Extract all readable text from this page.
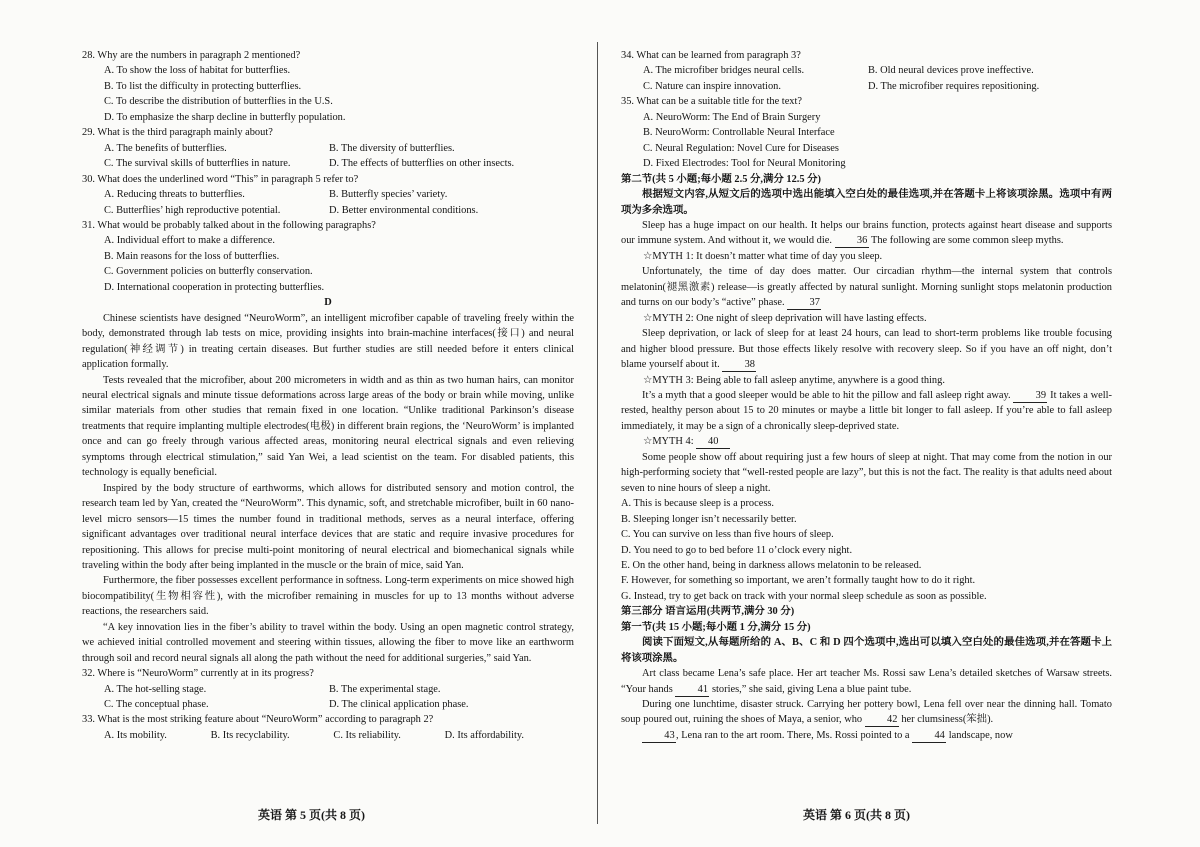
28. Why are the numbers in paragraph 2 mentioned?

A. To show the loss of habitat for butterflies.

B. To list the difficulty in protecting butterflies.

C. To describe the distribution of butterflies in the U.S.

D. To emphasize the sharp decline in butterfly population.

29. What is the third paragraph mainly about?

A. The benefits of butterflies.	B. The diversity of butterflies.
C. The survival skills of butterflies in nature.	D. The effects of butterflies on other insects.

30. What does the underlined word “This” in paragraph 5 refer to?

A. Reducing threats to butterflies.	B. Butterfly species’ variety.
C. Butterflies’ high reproductive potential.	D. Better environmental conditions.

31. What would be probably talked about in the following paragraphs?

A. Individual effort to make a difference.

B. Main reasons for the loss of butterflies.

C. Government policies on butterfly conservation.

D. International cooperation in protecting butterflies.

D

Chinese scientists have designed “NeuroWorm”, an intelligent microfiber capable of traveling freely within the body, demonstrated through lab tests on mice, providing insights into brain-machine interfaces(接口) and neural regulation(神经调节) in treating certain diseases. But further studies are still needed before it enters clinical application formally.

Tests revealed that the microfiber, about 200 micrometers in width and as thin as two human hairs, can monitor neural electrical signals and minute tissue deformations across large areas of the body or brain while moving, unlike similar materials from other studies that remain fixed in one location. “Unlike traditional Parkinson’s disease treatments that require implanting multiple electrodes(电极) in different brain regions, the ‘NeuroWorm’ is implanted once and can go freely through various affected areas, monitoring neural electrical signals and even relieving symptoms through electrical stimulation,” said Yan Wei, a lead scientist on the team. For disabled patients, this technology is equally beneficial.

Inspired by the body structure of earthworms, which allows for distributed sensory and motion control, the research team led by Yan, created the “NeuroWorm”. This dynamic, soft, and stretchable microfiber, built in 60 nano-level micro sensors—15 times the number found in traditional methods, serves as a neural interface, offering significant advantages over traditional neural interface devices that are static and require invasive procedures for repositioning. This allows for precise multi-point monitoring of neural electrical and biomechanical signals while traveling within the body after being implanted in the muscle or the brain of mice, said Yan.

Furthermore, the fiber possesses excellent performance in softness. Long-term experiments on mice showed high biocompatibility(生物相容性), with the microfiber remaining in muscles for up to 13 months without adverse reactions, the researchers said.

“A key innovation lies in the fiber’s ability to travel within the body. Using an open magnetic control strategy, we achieved initial controlled movement and steering within tissues, allowing the fiber to move like an earthworm through soil and record neural signals all along the path without the need for additional surgeries,” said Yan.

32. Where is “NeuroWorm” currently at in its progress?

A. The hot-selling stage.	B. The experimental stage.
C. The conceptual phase.	D. The clinical application phase.

33. What is the most striking feature about “NeuroWorm” according to paragraph 2?

A. Its mobility.	B. Its recyclability.	C. Its reliability.	D. Its affordability.

34. What can be learned from paragraph 3?

A. The microfiber bridges neural cells.	B. Old neural devices prove ineffective.
C. Nature can inspire innovation.	D. The microfiber requires repositioning.

35. What can be a suitable title for the text?

A. NeuroWorm: The End of Brain Surgery

B. NeuroWorm: Controllable Neural Interface

C. Neural Regulation: Novel Cure for Diseases

D. Fixed Electrodes: Tool for Neural Monitoring

第二节(共 5 小题;每小题 2.5 分,满分 12.5 分)

根据短文内容,从短文后的选项中选出能填入空白处的最佳选项,并在答题卡上将该项涂黑。选项中有两项为多余选项。

Sleep has a huge impact on our health. It helps our brains function, protects against heart disease and supports our immune system. And without it, we would die. 36 The following are some common sleep myths.

☆MYTH 1: It doesn’t matter what time of day you sleep.

Unfortunately, the time of day does matter. Our circadian rhythm—the internal system that controls melatonin(褪黑激素) release—is greatly affected by natural sunlight. Morning sunlight stops melatonin production and turns on our body’s “active” phase. 37

☆MYTH 2: One night of sleep deprivation will have lasting effects.

Sleep deprivation, or lack of sleep for at least 24 hours, can lead to short-term problems like trouble focusing and higher blood pressure. But those effects likely resolve with recovery sleep. So if you have an off night, don’t blame yourself about it. 38

☆MYTH 3: Being able to fall asleep anytime, anywhere is a good thing.

It’s a myth that a good sleeper would be able to hit the pillow and fall asleep right away. 39 It takes a well-rested, healthy person about 15 to 20 minutes or maybe a little bit longer to fall asleep. If you’re able to fall asleep immediately, it may be a sign of a chronically sleep-deprived state.

☆MYTH 4: 40

Some people show off about requiring just a few hours of sleep at night. That may come from the notion in our high-performing society that “well-rested people are lazy”, but this is not the fact. The reality is that adults need about seven to nine hours of sleep a night.

A. This is because sleep is a process.

B. Sleeping longer isn’t necessarily better.

C. You can survive on less than five hours of sleep.

D. You need to go to bed before 11 o’clock every night.

E. On the other hand, being in darkness allows melatonin to be released.

F. However, for something so important, we aren’t formally taught how to do it right.

G. Instead, try to get back on track with your normal sleep schedule as soon as possible.

第三部分 语言运用(共两节,满分 30 分)

第一节(共 15 小题;每小题 1 分,满分 15 分)

阅读下面短文,从每题所给的 A、B、C 和 D 四个选项中,选出可以填入空白处的最佳选项,并在答题卡上将该项涂黑。

Art class became Lena’s safe place. Her art teacher Ms. Rossi saw Lena’s detailed sketches of Warsaw streets. “Your hands 41 stories,” she said, giving Lena a blue paint tube.

During one lunchtime, disaster struck. Carrying her pottery bowl, Lena fell over near the dinning hall. Tomato soup poured out, ruining the shoes of Maya, a senior, who 42 her clumsiness(笨拙).

43, Lena ran to the art room. There, Ms. Rossi pointed to a 44 landscape, now

英语 第 5 页(共 8 页)	英语 第 6 页(共 8 页)
